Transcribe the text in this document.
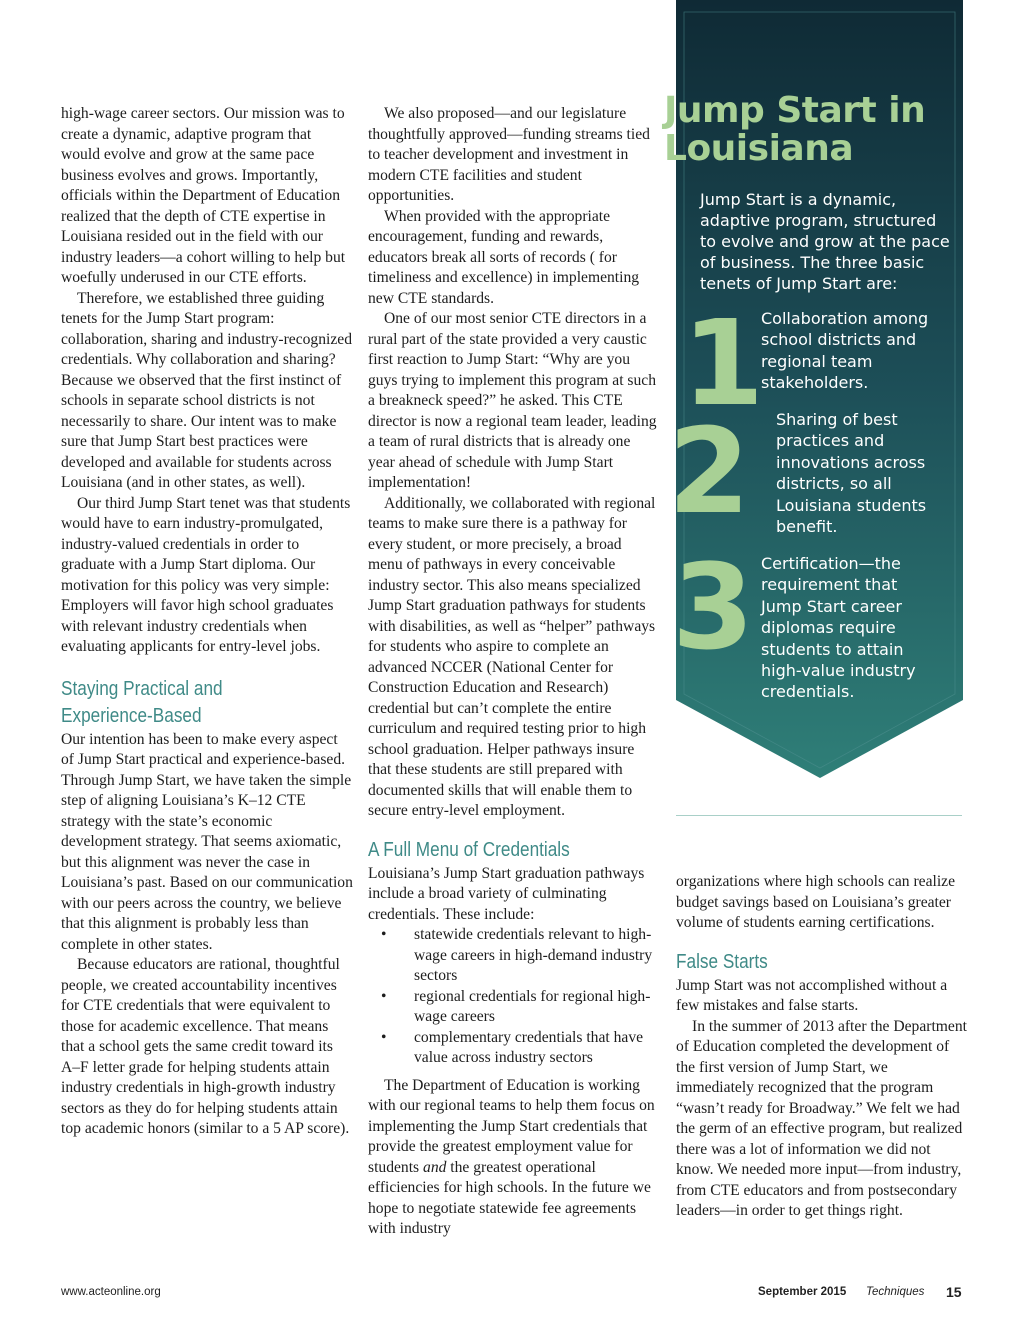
Jump Start in
Louisiana
Jump Start is a dynamic, adaptive program, structured to evolve and grow at the pace of business. The three basic tenets of Jump Start are:
1
2
3
Collaboration among school districts and regional team stakeholders.
Sharing of best practices and innovations across districts, so all Louisiana students benefit.
Certification—the requirement that Jump Start career diplomas require students to attain high-value industry credentials.

high-wage career sectors. Our mission was to create a dynamic, adaptive program that would evolve and grow at the same pace business evolves and grows. Importantly, officials within the Department of Education realized that the depth of CTE expertise in Louisiana resided out in the field with our industry leaders—a cohort willing to help but woefully underused in our CTE efforts.

Therefore, we established three guiding tenets for the Jump Start program: collaboration, sharing and industry-recognized credentials. Why collaboration and sharing? Because we observed that the first instinct of schools in separate school districts is not necessarily to share. Our intent was to make sure that Jump Start best practices were developed and available for students across Louisiana (and in other states, as well).

Our third Jump Start tenet was that students would have to earn industry-promulgated, industry-valued credentials in order to graduate with a Jump Start diploma. Our motivation for this policy was very simple: Employers will favor high school graduates with relevant industry credentials when evaluating applicants for entry-level jobs.

Staying Practical and Experience-Based

Our intention has been to make every aspect of Jump Start practical and experience-based. Through Jump Start, we have taken the simple step of aligning Louisiana’s K–12 CTE strategy with the state’s economic development strategy. That seems axiomatic, but this alignment was never the case in Louisiana’s past. Based on our communication with our peers across the country, we believe that this alignment is probably less than complete in other states.

Because educators are rational, thoughtful people, we created accountability incentives for CTE credentials that were equivalent to those for academic excellence. That means that a school gets the same credit toward its A–F letter grade for helping students attain industry credentials in high-growth industry sectors as they do for helping students attain top academic honors (similar to a 5 AP score).

We also proposed—and our legislature thoughtfully approved—funding streams tied to teacher development and investment in modern CTE facilities and student opportunities.

When provided with the appropriate encouragement, funding and rewards, educators break all sorts of records ( for timeliness and excellence) in implementing new CTE standards.

One of our most senior CTE directors in a rural part of the state provided a very caustic first reaction to Jump Start: “Why are you guys trying to implement this program at such a breakneck speed?” he asked. This CTE director is now a regional team leader, leading a team of rural districts that is already one year ahead of schedule with Jump Start implementation!

Additionally, we collaborated with regional teams to make sure there is a pathway for every student, or more precisely, a broad menu of pathways in every conceivable industry sector. This also means specialized Jump Start graduation pathways for students with disabilities, as well as “helper” pathways for students who aspire to complete an advanced NCCER (National Center for Construction Education and Research) credential but can’t complete the entire curriculum and required testing prior to high school graduation. Helper pathways insure that these students are still prepared with documented skills that will enable them to secure entry-level employment.

A Full Menu of Credentials

Louisiana’s Jump Start graduation pathways include a broad variety of culminating credentials. These include:

• statewide credentials relevant to high-wage careers in high-demand industry sectors
• regional credentials for regional high-wage careers
• complementary credentials that have value across industry sectors

The Department of Education is working with our regional teams to help them focus on implementing the Jump Start credentials that provide the greatest employment value for students and the greatest operational efficiencies for high schools. In the future we hope to negotiate statewide fee agreements with industry

organizations where high schools can realize budget savings based on Louisiana’s greater volume of students earning certifications.

False Starts

Jump Start was not accomplished without a few mistakes and false starts.

In the summer of 2013 after the Department of Education completed the development of the first version of Jump Start, we immediately recognized that the program “wasn’t ready for Broadway.” We felt we had the germ of an effective program, but realized there was a lot of information we did not know. We needed more input—from industry, from CTE educators and from postsecondary leaders—in order to get things right.

www.acteonline.org	September 2015 Techniques 15
